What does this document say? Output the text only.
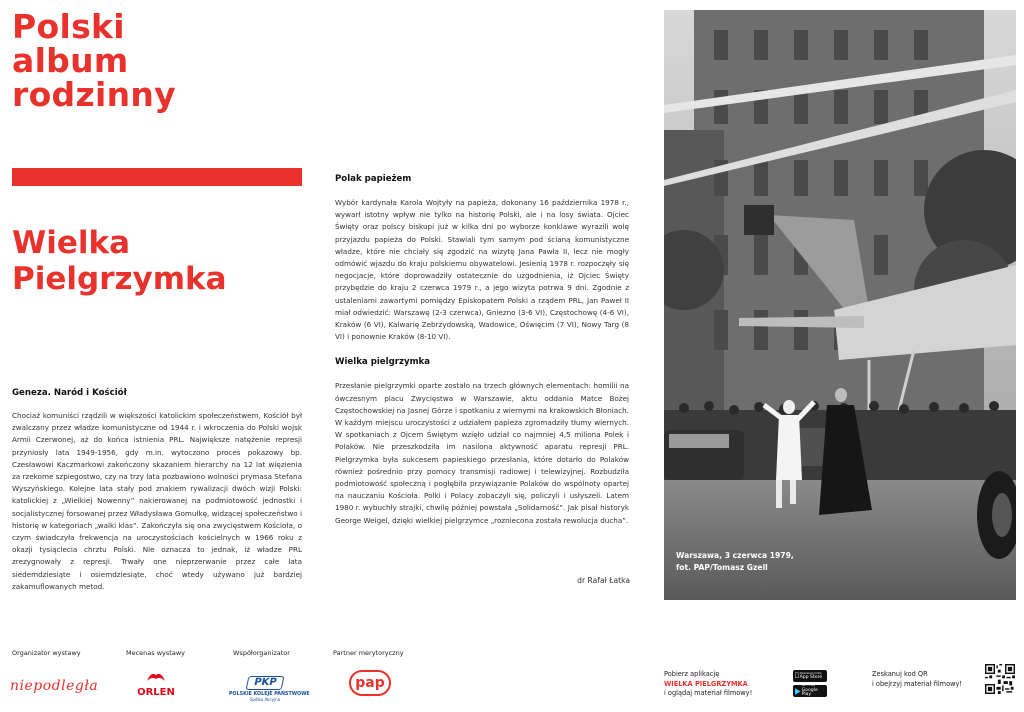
Polski
album
rodzinny
Wielka
Pielgrzymka
Geneza. Naród i Kościół

Chociaż komuniści rządzili w większości katolickim społeczeństwem, Kościół był zwalczany przez władze komunistyczne od 1944 r. i wkroczenia do Polski wojsk Armii Czerwonej, aż do końca istnienia PRL. Największe natężenie represji przyniosły lata 1949-1956, gdy m.in. wytoczono proces pokazowy bp. Czesławowi Kaczmarkowi zakończony skazaniem hierarchy na 12 lat więzienia za rzekome szpiegostwo, czy na trzy lata pozbawiono wolności prymasa Stefana Wyszyńskiego. Kolejne lata stały pod znakiem rywalizacji dwóch wizji Polski: katolickiej z „Wielkiej Nowenny” nakierowanej na podmiotowość jednostki i socjalistycznej forsowanej przez Władysława Gomułkę, widzącej społeczeństwo i historię w kategoriach „walki klas”. Zakończyła się ona zwycięstwem Kościoła, o czym świadczyła frekwencja na uroczystościach kościelnych w 1966 roku z okazji tysiąclecia chrztu Polski. Nie oznacza to jednak, iż władze PRL zrezygnowały z represji. Trwały one nieprzerwanie przez całe lata siedemdziesiąte i osiemdziesiąte, choć wtedy używano już bardziej zakamuflowanych metod.

Polak papieżem

Wybór kardynała Karola Wojtyły na papieża, dokonany 16 października 1978 r., wywarł istotny wpływ nie tylko na historię Polski, ale i na losy świata. Ojciec Święty oraz polscy biskupi już w kilka dni po wyborze konklawe wyrazili wolę przyjazdu papieża do Polski. Stawiali tym samym pod ścianą komunistyczne władze, które nie chciały się zgodzić na wizytę Jana Pawła II, lecz nie mogły odmówić wjazdu do kraju polskiemu obywatelowi. Jesienią 1978 r. rozpoczęły się negocjacje, które doprowadziły ostatecznie do uzgodnienia, iż Ojciec Święty przybędzie do kraju 2 czerwca 1979 r., a jego wizyta potrwa 9 dni. Zgodnie z ustaleniami zawartymi pomiędzy Episkopatem Polski a rządem PRL, Jan Paweł II miał odwiedzić: Warszawę (2-3 czerwca), Gniezno (3-6 VI), Częstochowę (4-6 VI), Kraków (6 VI), Kalwarię Zebrzydowską, Wadowice, Oświęcim (7 VI), Nowy Targ (8 VI) i ponownie Kraków (8-10 VI).

Wielka pielgrzymka

Przesłanie pielgrzymki oparte zostało na trzech głównych elementach: homilii na ówczesnym placu Zwycięstwa w Warszawie, aktu oddania Matce Bożej Częstochowskiej na Jasnej Górze i spotkaniu z wiernymi na krakowskich Błoniach. W każdym miejscu uroczystości z udziałem papieża zgromadziły tłumy wiernych. W spotkaniach z Ojcem Świętym wzięło udział co najmniej 4,5 miliona Polek i Polaków. Nie przeszkodziła im nasilona aktywność aparatu represji PRL. Pielgrzymka była sukcesem papieskiego przesłania, które dotarło do Polaków również pośrednio przy pomocy transmisji radiowej i telewizyjnej. Rozbudziła podmiotowość społeczną i pogłębiła przywiązanie Polaków do wspólnoty opartej na nauczaniu Kościoła. Polki i Polacy zobaczyli się, policzyli i usłyszeli. Latem 1980 r. wybuchły strajki, chwilę później powstała „Solidarność”. Jak pisał historyk George Weigel, dzięki wielkiej pielgrzymce „rozniecona została rewolucja ducha”.

dr Rafał Łatka
Warszawa, 3 czerwca 1979,
fot. PAP/Tomasz Gzell
Organizator wystawy	Mecenas wystawy	Współorganizator	Partner merytoryczny
niepodległa	ORLEN
PKP
POLSKIE KOLEJE PAŃSTWOWE
Spółka Akcyjna
pap
Pobierz aplikację
WIELKA PIELGRZYMKA
i oglądaj materiał filmowy!
Download on the
App Store
GET IT ON
Google Play
Zeskanuj kod QR
i obejrzyj materiał filmowy!
